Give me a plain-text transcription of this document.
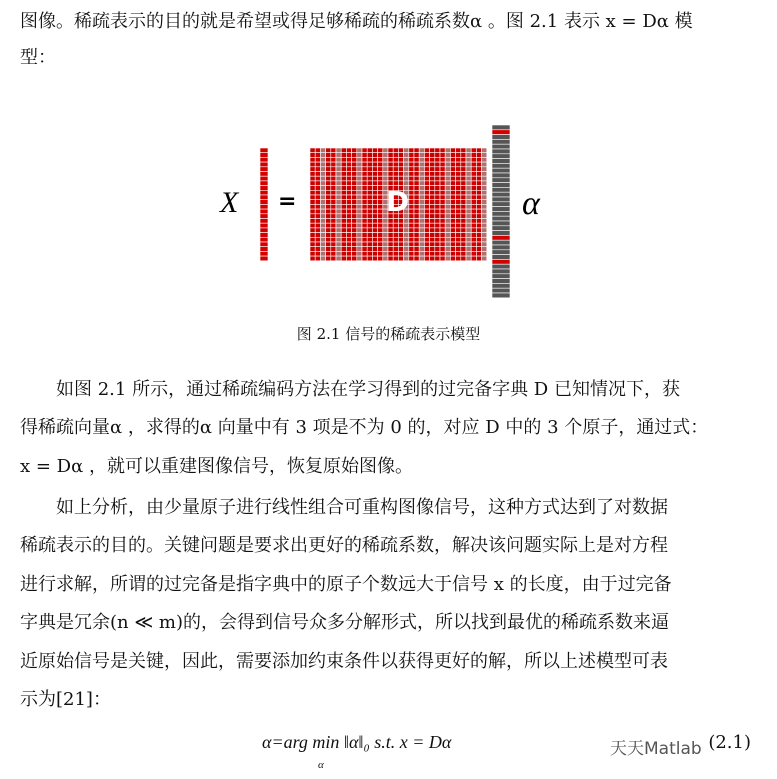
图像。稀疏表示的目的就是希望或得足够稀疏的稀疏系数α 。图 2.1 表示 x = Dα 模
型：
X =	D	α
图 2.1 信号的稀疏表示模型
如图 2.1 所示，通过稀疏编码方法在学习得到的过完备字典 D 已知情况下，获
得稀疏向量α ，求得的α 向量中有 3 项是不为 0 的，对应 D 中的 3 个原子，通过式：
x = Dα ，就可以重建图像信号，恢复原始图像。
如上分析，由少量原子进行线性组合可重构图像信号，这种方式达到了对数据
稀疏表示的目的。关键问题是要求出更好的稀疏系数，解决该问题实际上是对方程
进行求解，所谓的过完备是指字典中的原子个数远大于信号 x 的长度，由于过完备
字典是冗余(n ≪ m)的，会得到信号众多分解形式，所以找到最优的稀疏系数来逼
近原始信号是关键，因此，需要添加约束条件以获得更好的解，所以上述模型可表
示为[21]：
α=arg min ‖α‖₀ s.t. x = Dα
α
(2.1)
天天Matlab
